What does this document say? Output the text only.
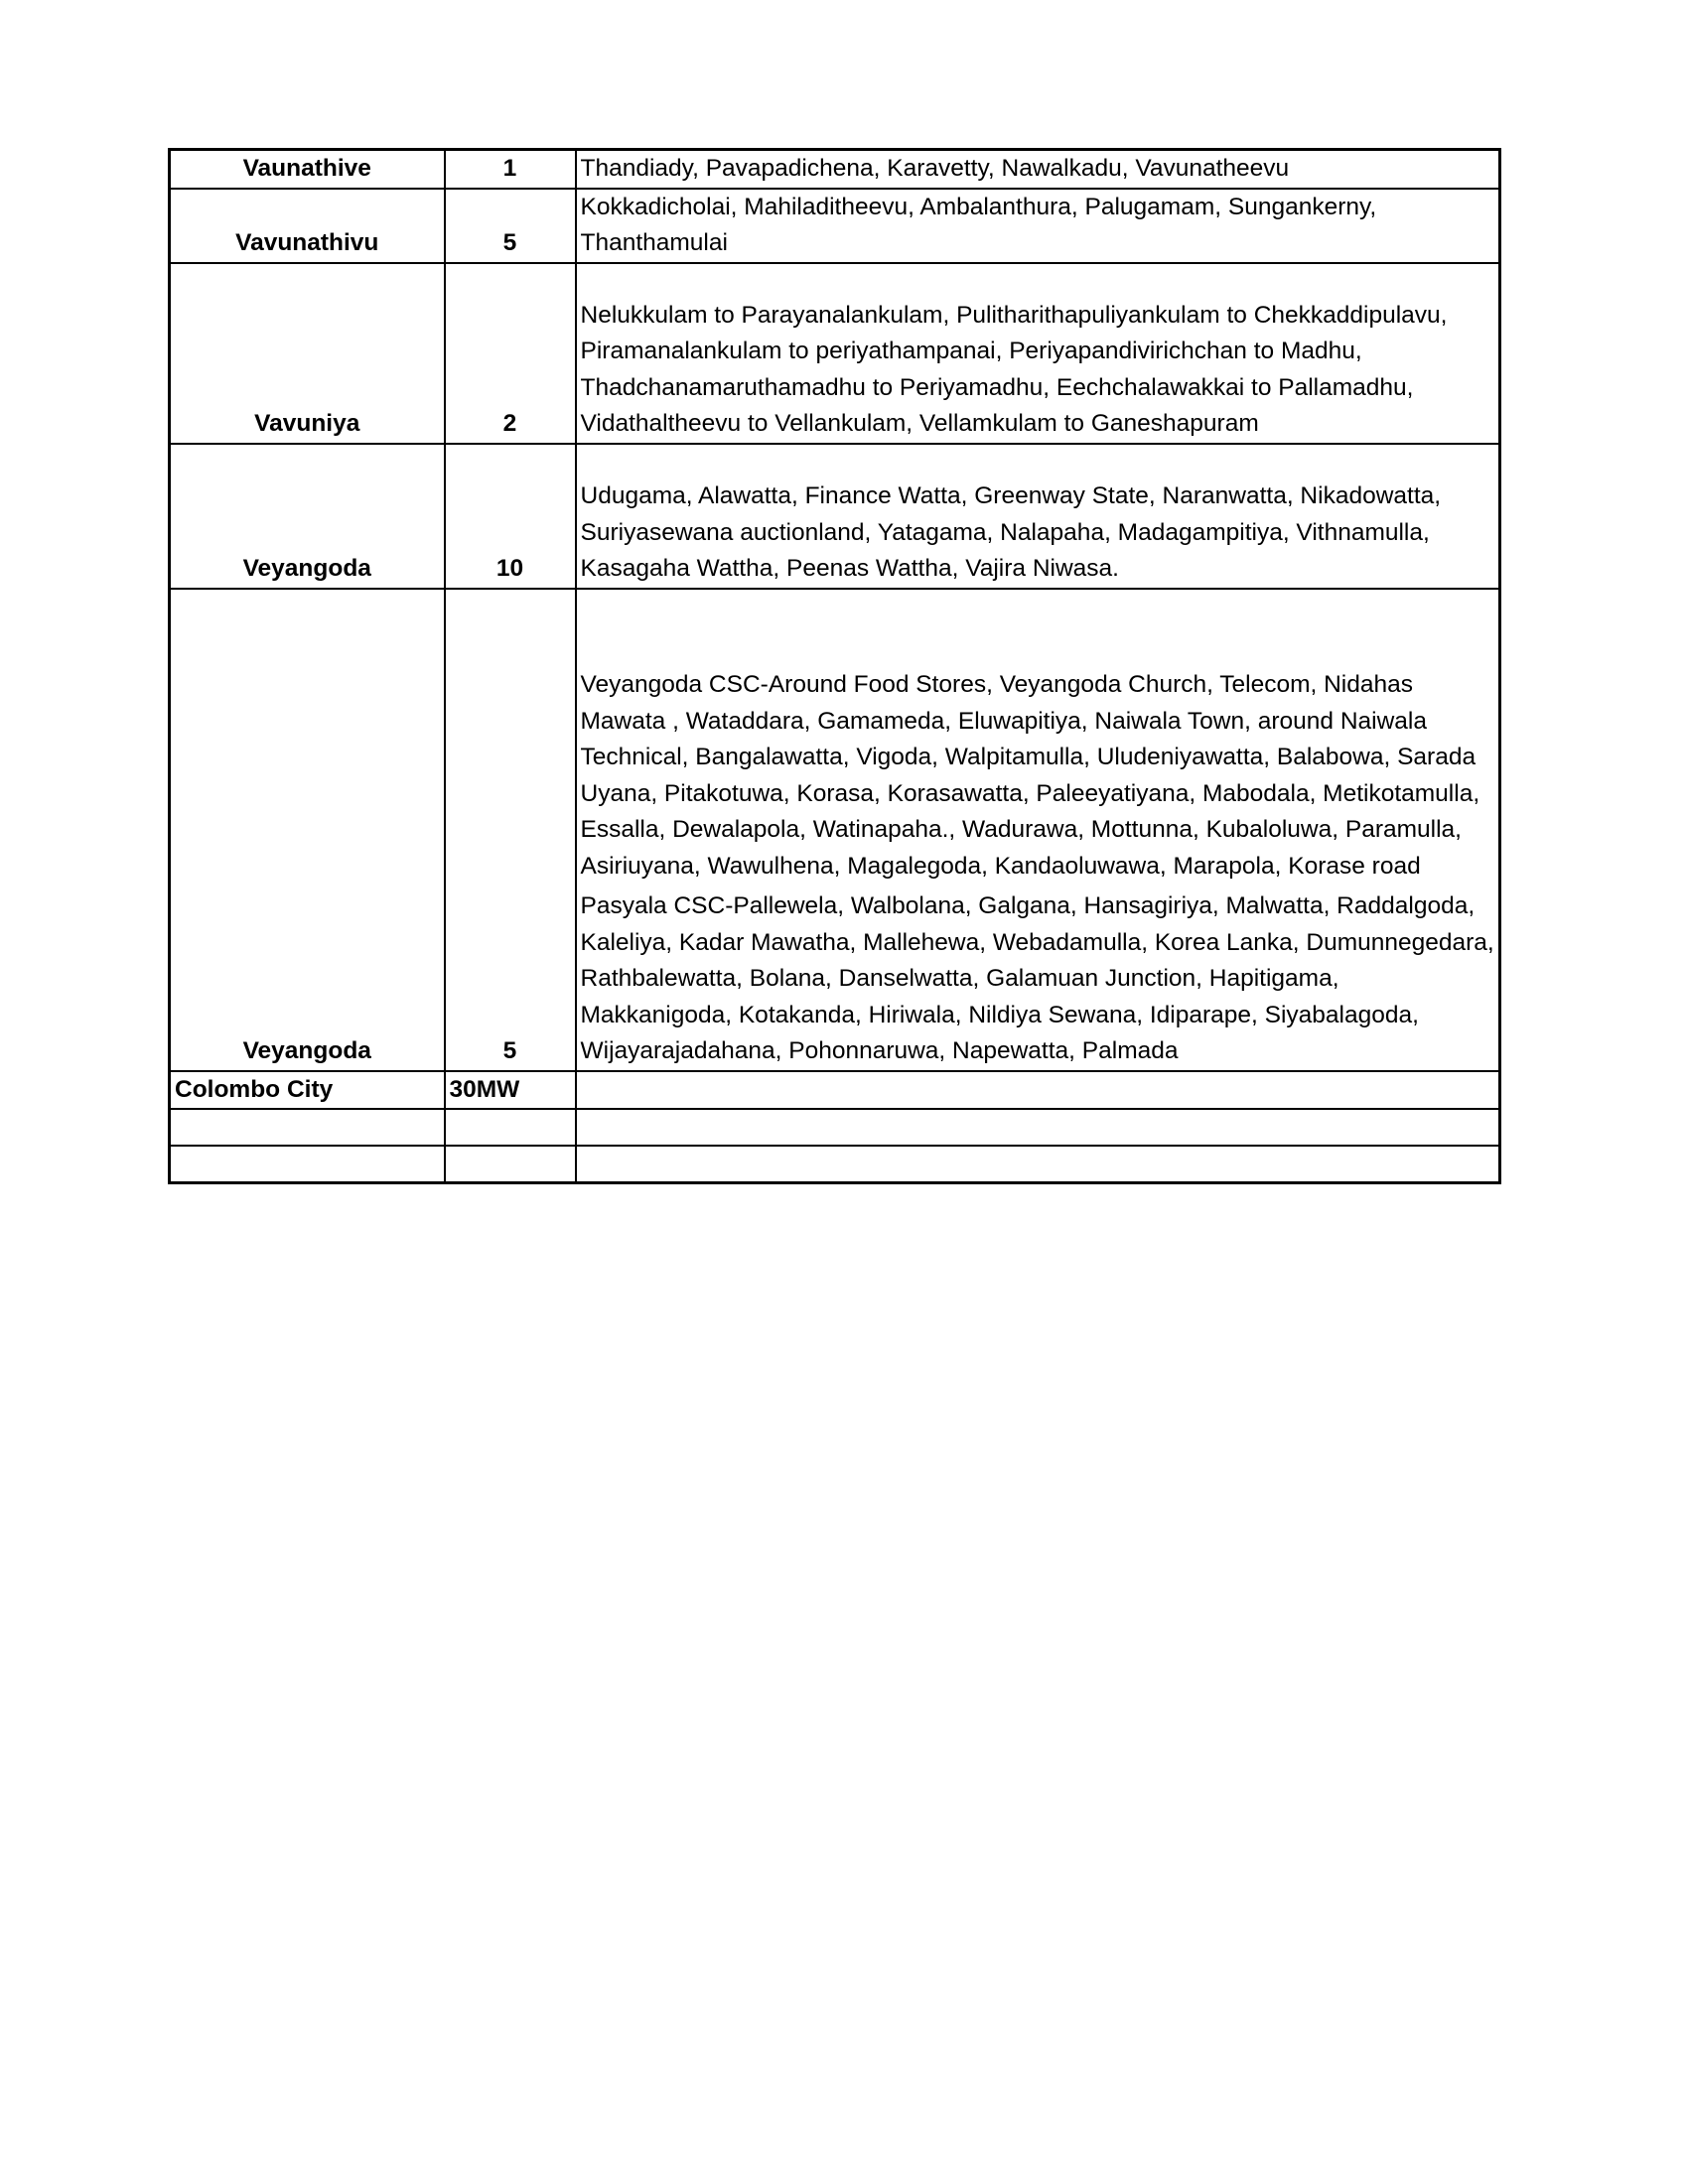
Vaunathive	1	Thandiady, Pavapadichena, Karavetty, Nawalkadu, Vavunatheevu

Vavunathivu	5	Kokkadicholai, Mahiladitheevu, Ambalanthura, Palugamam, Sungankerny, Thanthamulai

Vavuniya	2	Nelukkulam to Parayanalankulam, Pulitharithapuliyankulam to Chekkaddipulavu, Piramanalankulam to periyathampanai, Periyapandivirichchan to Madhu, Thadchanamaruthamadhu to Periyamadhu, Eechchalawakkai to Pallamadhu, Vidathaltheevu to Vellankulam, Vellamkulam to Ganeshapuram

Veyangoda	10	Udugama, Alawatta, Finance Watta, Greenway State, Naranwatta, Nikadowatta, Suriyasewana auctionland, Yatagama, Nalapaha, Madagampitiya, Vithnamulla, Kasagaha Wattha, Peenas Wattha, Vajira Niwasa.

Veyangoda	5	Veyangoda CSC-Around Food Stores, Veyangoda Church, Telecom, Nidahas Mawata , Wataddara, Gamameda, Eluwapitiya, Naiwala Town, around Naiwala Technical, Bangalawatta, Vigoda, Walpitamulla, Uludeniyawatta, Balabowa, Sarada Uyana, Pitakotuwa, Korasa, Korasawatta, Paleeyatiyana, Mabodala, Metikotamulla, Essalla, Dewalapola, Watinapaha., Wadurawa, Mottunna, Kubaloluwa, Paramulla, Asiriuyana, Wawulhena, Magalegoda, Kandaoluwawa, Marapola, Korase road
Pasyala CSC-Pallewela, Walbolana, Galgana, Hansagiriya, Malwatta, Raddalgoda, Kaleliya, Kadar Mawatha, Mallehewa, Webadamulla, Korea Lanka, Dumunnegedara, Rathbalewatta, Bolana, Danselwatta, Galamuan Junction, Hapitigama, Makkanigoda, Kotakanda, Hiriwala, Nildiya Sewana, Idiparape, Siyabalagoda, Wijayarajadahana, Pohonnaruwa, Napewatta, Palmada

Colombo City	30MW	
